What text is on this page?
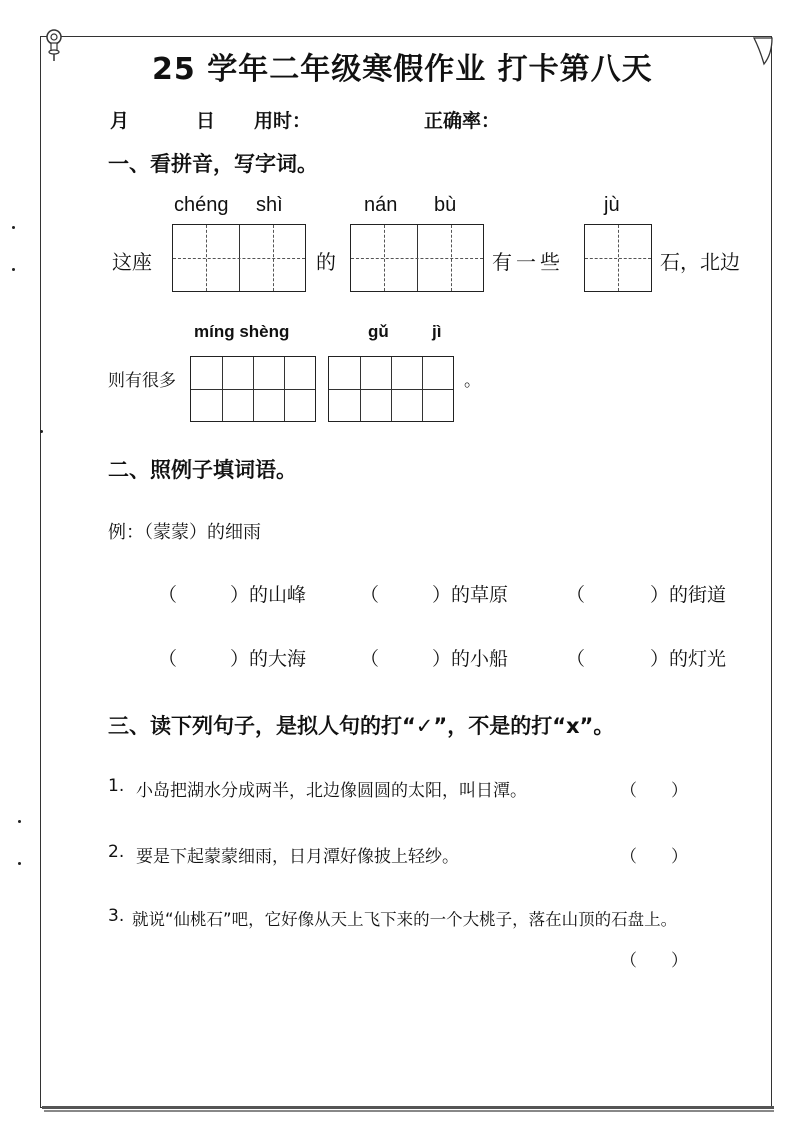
25 学年二年级寒假作业 打卡第八天
月	日 用时：	正确率：
一、看拼音，写字词。
chéng shì	nán bù	jù
这座	的	有一些	石，北边
míng shèng	gǔ	jì
则有很多	。
二、照例子填词语。
例：（蒙蒙）的细雨
（	）的山峰	（	）的草原	（	）的街道
（	）的大海	（	）的小船	（	）的灯光
三、读下列句子，是拟人句的打“✓”，不是的打“x”。
1. 小岛把湖水分成两半，北边像圆圆的太阳，叫日潭。	（　　）
2. 要是下起蒙蒙细雨，日月潭好像披上轻纱。	（　　）
3. 就说“仙桃石”吧，它好像从天上飞下来的一个大桃子，落在山顶的石盘上。
（　　）
